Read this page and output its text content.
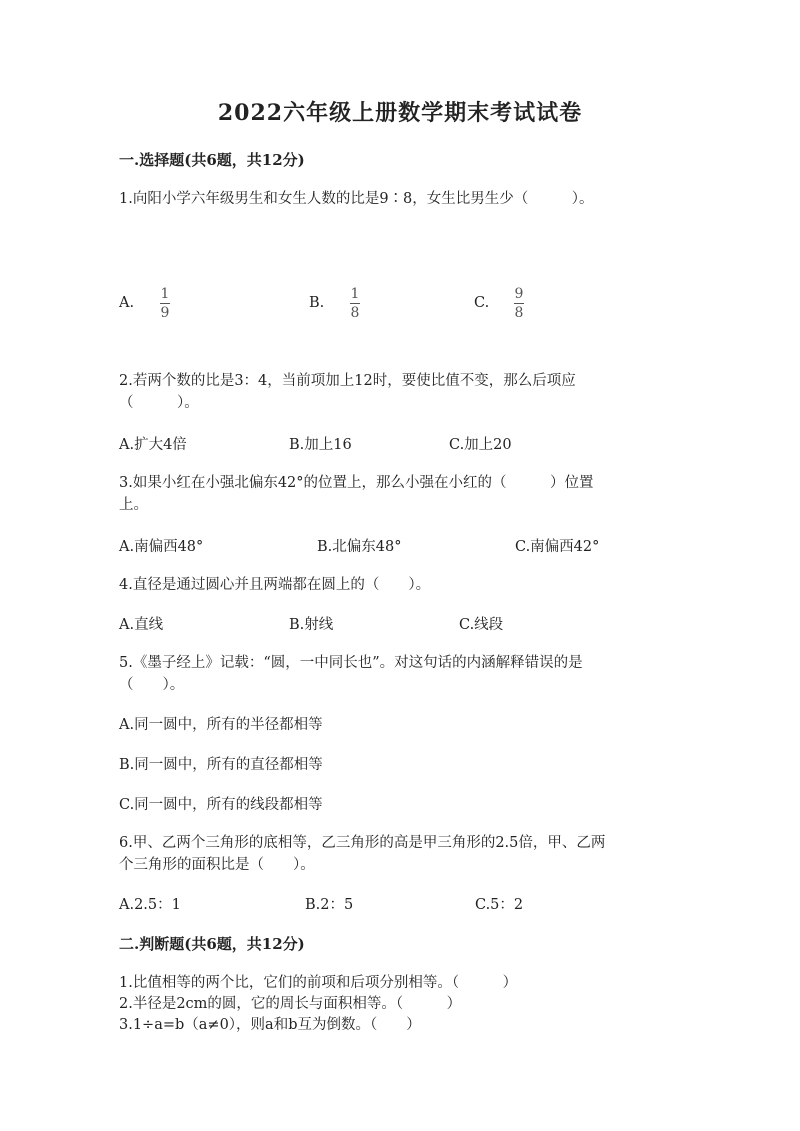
2022六年级上册数学期末考试试卷
一.选择题(共6题，共12分)
1.向阳小学六年级男生和女生人数的比是9∶8，女生比男生少（　　　）。
A.
1
9
B.
1
8
C.
9
8
2.若两个数的比是3：4，当前项加上12时，要使比值不变，那么后项应
（　　　）。
A.扩大4倍	B.加上16	C.加上20
3.如果小红在小强北偏东42°的位置上，那么小强在小红的（　　　）位置
上。
A.南偏西48°	B.北偏东48°	C.南偏西42°
4.直径是通过圆心并且两端都在圆上的（　　）。
A.直线	B.射线	C.线段
5.《墨子经上》记载：“圆，一中同长也”。对这句话的内涵解释错误的是
（　　）。
A.同一圆中，所有的半径都相等
B.同一圆中，所有的直径都相等
C.同一圆中，所有的线段都相等
6.甲、乙两个三角形的底相等，乙三角形的高是甲三角形的2.5倍，甲、乙两
个三角形的面积比是（　　）。
A.2.5：1	B.2：5	C.5：2
二.判断题(共6题，共12分)
1.比值相等的两个比，它们的前项和后项分别相等。（　　　）
2.半径是2cm的圆，它的周长与面积相等。（　　　）
3.1÷a=b（a≠0），则a和b互为倒数。（　　）
